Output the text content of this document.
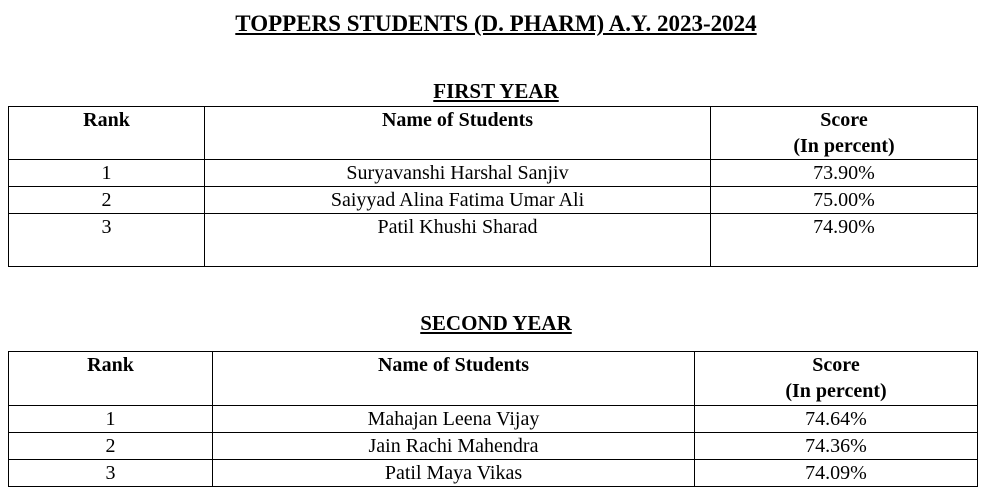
TOPPERS STUDENTS (D. PHARM) A.Y. 2023-2024
FIRST YEAR
Rank	Name of Students	Score
(In percent)

1	Suryavanshi Harshal Sanjiv	73.90%
2	Saiyyad Alina Fatima Umar Ali	75.00%
3	Patil Khushi Sharad	74.90%
SECOND YEAR
Rank	Name of Students	Score
(In percent)

1	Mahajan Leena Vijay	74.64%
2	Jain Rachi Mahendra	74.36%
3	Patil Maya Vikas	74.09%
